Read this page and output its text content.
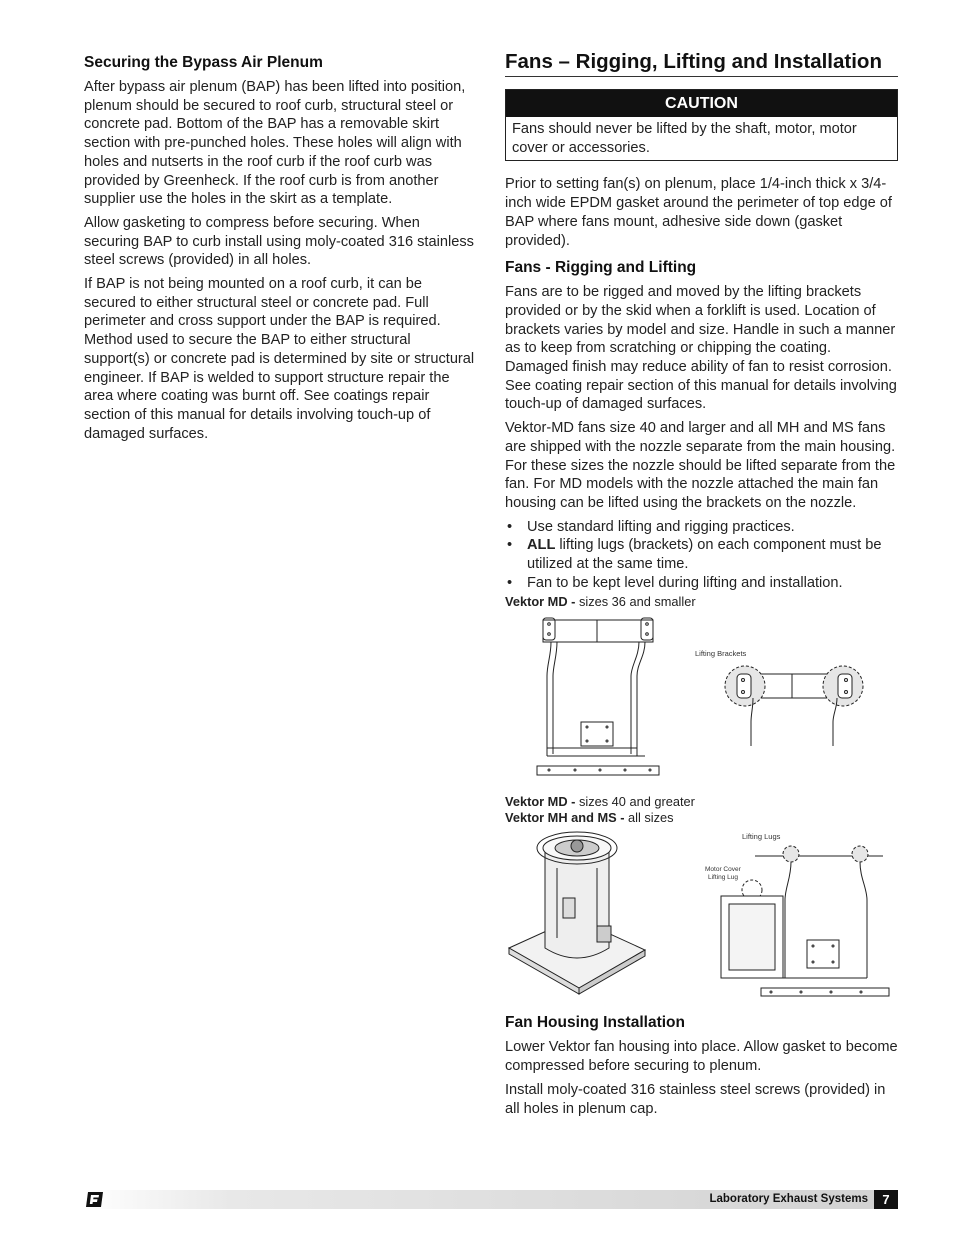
Securing the Bypass Air Plenum

After bypass air plenum (BAP) has been lifted into position, plenum should be secured to roof curb, structural steel or concrete pad. Bottom of the BAP has a removable skirt section with pre-punched holes. These holes will align with holes and nutserts in the roof curb if the roof curb was provided by Greenheck. If the roof curb is from another supplier use the holes in the skirt as a template.

Allow gasketing to compress before securing. When securing BAP to curb install using moly-coated 316 stainless steel screws (provided) in all holes.

If BAP is not being mounted on a roof curb, it can be secured to either structural steel or concrete pad. Full perimeter and cross support under the BAP is required. Method used to secure the BAP to either structural support(s) or concrete pad is determined by site or structural engineer. If BAP is welded to support structure repair the area where coating was burnt off. See coatings repair section of this manual for details involving touch-up of damaged surfaces.

Fans – Rigging, Lifting and Installation
CAUTION
Fans should never be lifted by the shaft, motor, motor cover or accessories.

Prior to setting fan(s) on plenum, place 1/4-inch thick x 3/4-inch wide EPDM gasket around the perimeter of top edge of BAP where fans mount, adhesive side down (gasket provided).

Fans - Rigging and Lifting

Fans are to be rigged and moved by the lifting brackets provided or by the skid when a forklift is used. Location of brackets varies by model and size. Handle in such a manner as to keep from scratching or chipping the coating. Damaged finish may reduce ability of fan to resist corrosion. See coating repair section of this manual for details involving touch-up of damaged surfaces.

Vektor-MD fans size 40 and larger and all MH and MS fans are shipped with the nozzle separate from the main housing. For these sizes the nozzle should be lifted separate from the fan. For MD models with the nozzle attached the main fan housing can be lifted using the brackets on the nozzle.

• Use standard lifting and rigging practices.
• ALL lifting lugs (brackets) on each component must be utilized at the same time.
• Fan to be kept level during lifting and installation.
Vektor MD - sizes 36 and smaller
Lifting Brackets
Vektor MD - sizes 40 and greater
Vektor MH and MS - all sizes
Lifting Lugs
Motor Cover
Lifting Lug
Fan Housing Installation

Lower Vektor fan housing into place. Allow gasket to become compressed before securing to plenum.

Install moly-coated 316 stainless steel screws (provided) in all holes in plenum cap.

Laboratory Exhaust Systems	7
